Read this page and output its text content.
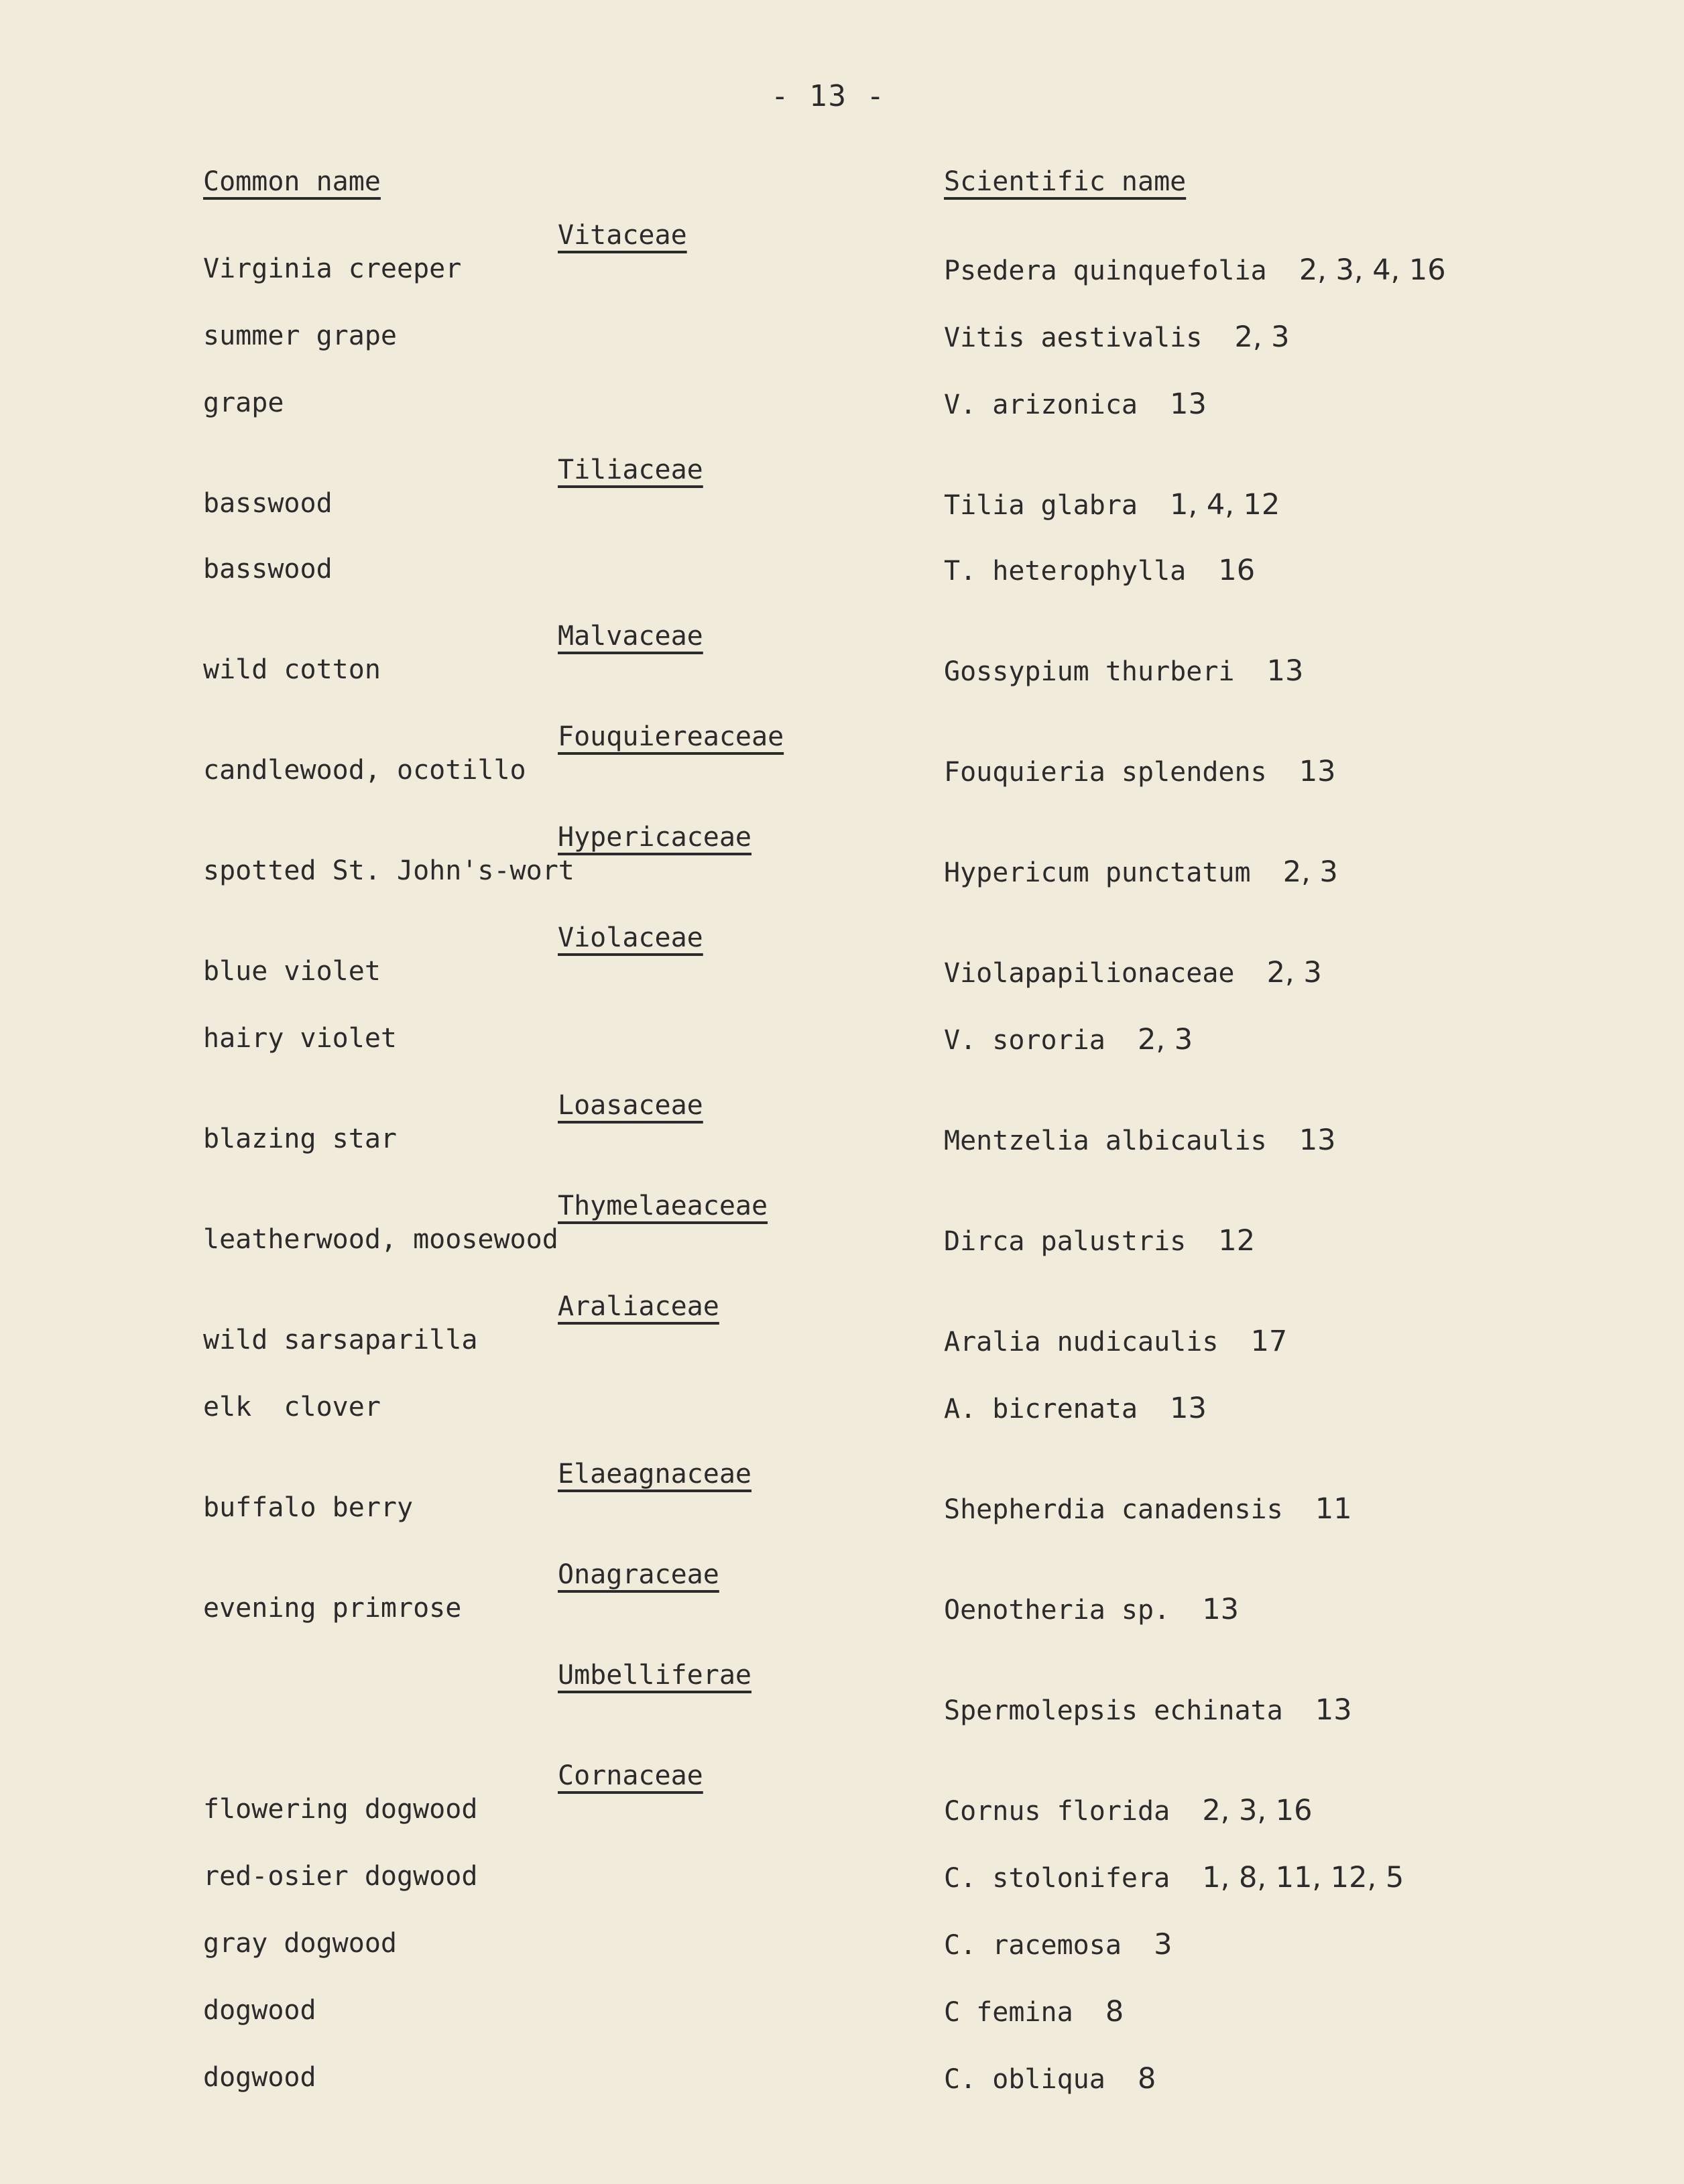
- 13 -
Common name	Scientific name
Vitaceae
Tiliaceae
Malvaceae
Fouquiereaceae
Hypericaceae
Violaceae
Loasaceae
Thymelaeaceae
Araliaceae
Elaeagnaceae
Onagraceae
Umbelliferae
Cornaceae
Virginia creeper
summer grape
grape
basswood
basswood
wild cotton
candlewood, ocotillo
spotted St. John's-wort
blue violet
hairy violet
blazing star
leatherwood, moosewood
wild sarsaparilla
elk  clover
buffalo berry
evening primrose
flowering dogwood
red-osier dogwood
gray dogwood
dogwood
dogwood
Psedera quinquefolia 2, 3, 4, 16
Vitis aestivalis 2, 3
V. arizonica 13
Tilia glabra 1, 4, 12
T. heterophylla 16
Gossypium thurberi 13
Fouquieria splendens 13
Hypericum punctatum 2, 3
Violapapilionaceae 2, 3
V. sororia 2, 3
Mentzelia albicaulis 13
Dirca palustris 12
Aralia nudicaulis 17
A. bicrenata 13
Shepherdia canadensis 11
Oenotheria sp. 13
Spermolepsis echinata 13
Cornus florida 2, 3, 16
C. stolonifera 1, 8, 11, 12, 5
C. racemosa 3
C femina 8
C. obliqua 8
